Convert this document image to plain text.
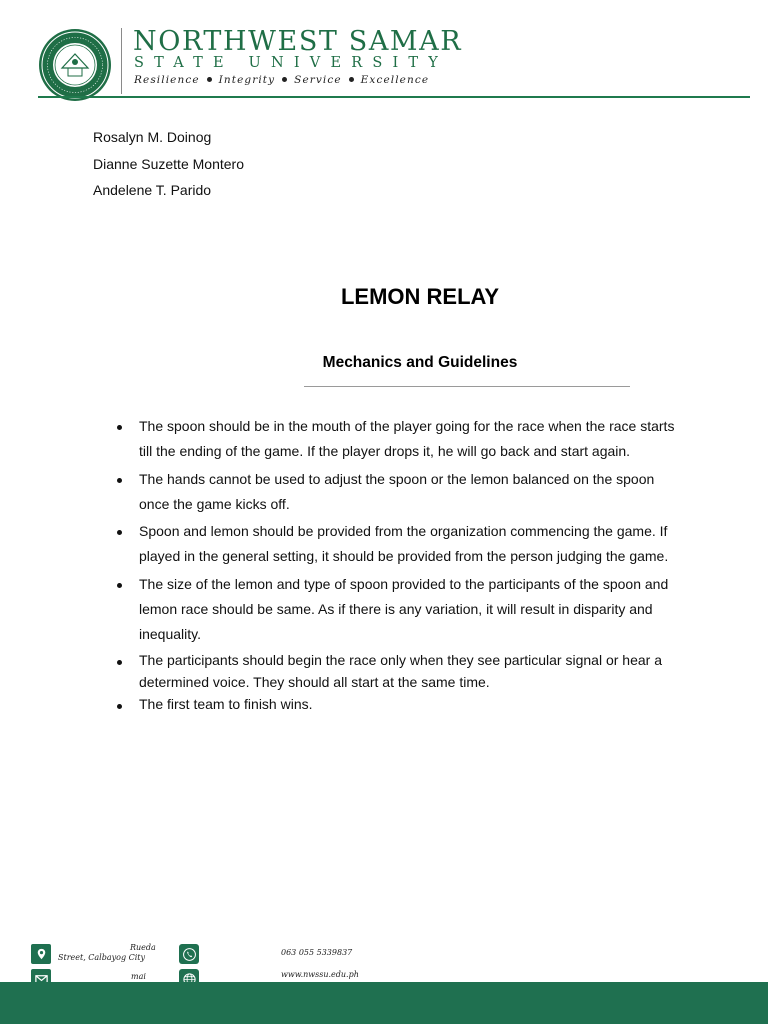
NORTHWEST SAMAR
STATE UNIVERSITY
Resilience Integrity Service Excellence
Rosalyn M. Doinog
Dianne Suzette Montero
Andelene T. Parido
LEMON RELAY
Mechanics and Guidelines
The spoon should be in the mouth of the player going for the race when the race starts till the ending of the game. If the player drops it, he will go back and start again.
The hands cannot be used to adjust the spoon or the lemon balanced on the spoon once the game kicks off.
Spoon and lemon should be provided from the organization commencing the game. If played in the general setting, it should be provided from the person judging the game.
The size of the lemon and type of spoon provided to the participants of the spoon and lemon race should be same. As if there is any variation, it will result in disparity and inequality.
The participants should begin the race only when they see particular signal or hear a determined voice. They should all start at the same time.
The first team to finish wins.
Rueda
Street, Calbayog City
mai
063 055 5339837
www.nwssu.edu.ph
